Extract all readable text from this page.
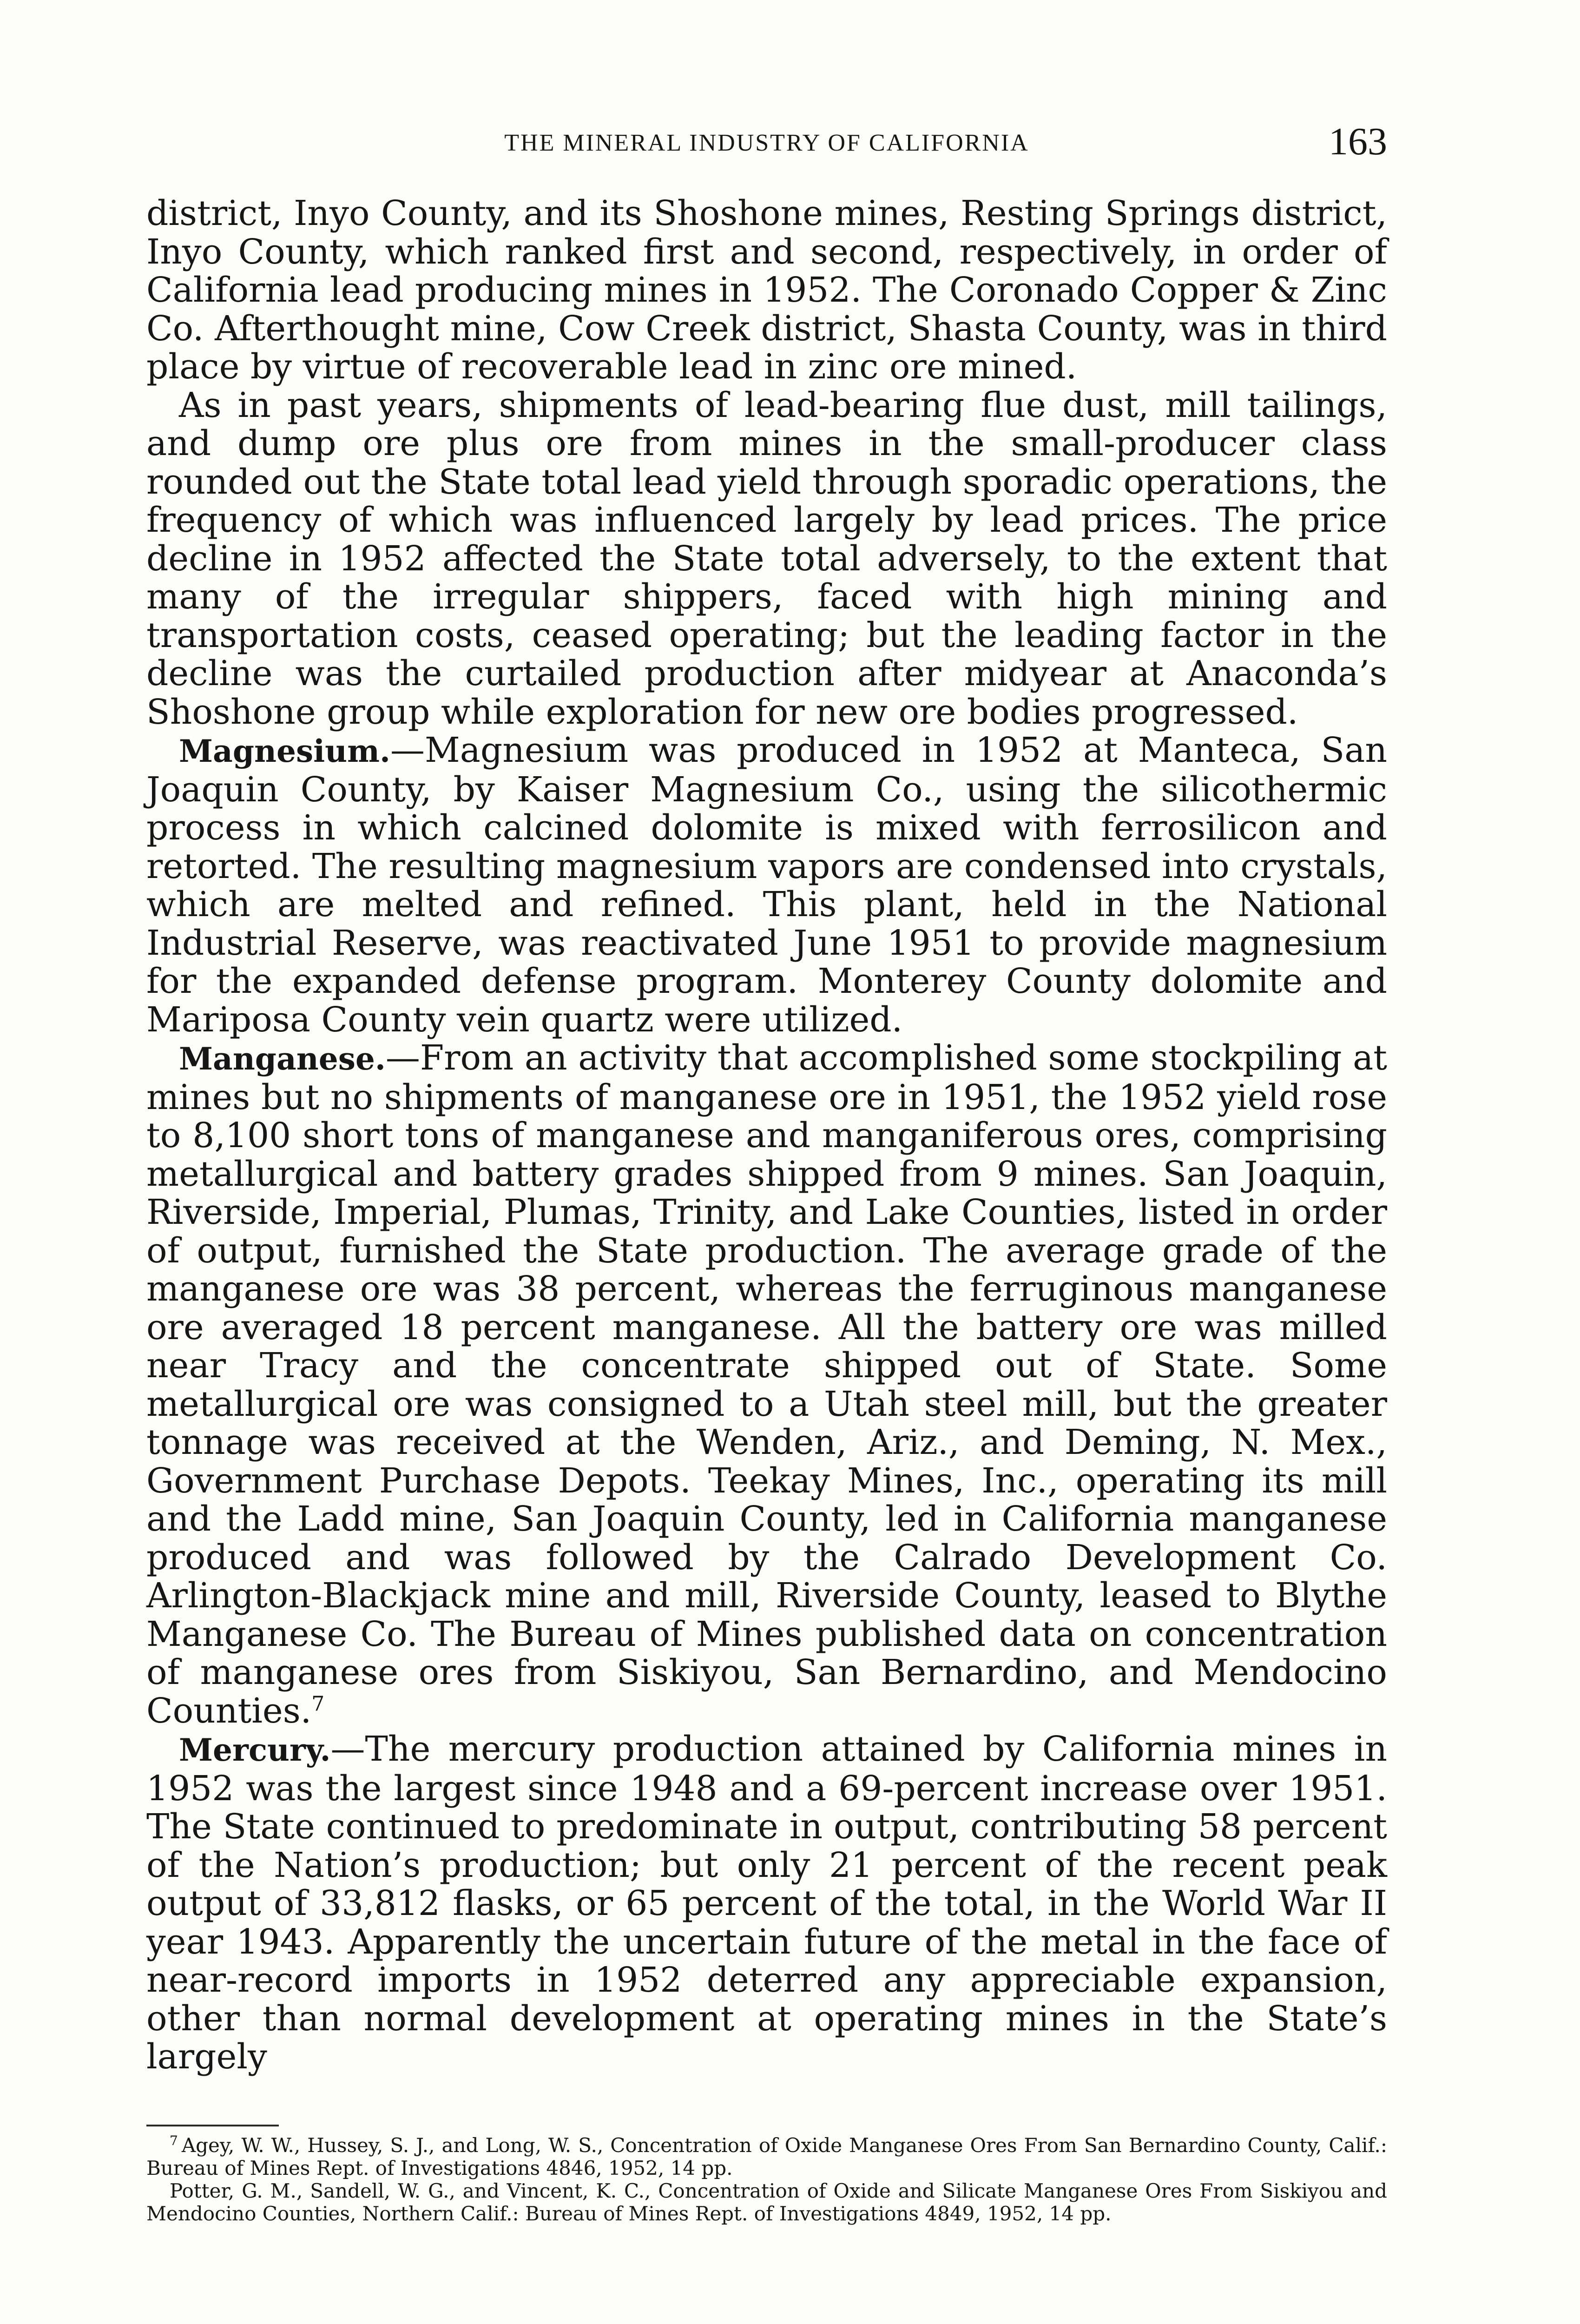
THE MINERAL INDUSTRY OF CALIFORNIA	163

district, Inyo County, and its Shoshone mines, Resting Springs district, Inyo County, which ranked first and second, respectively, in order of California lead producing mines in 1952. The Coronado Copper & Zinc Co. Afterthought mine, Cow Creek district, Shasta County, was in third place by virtue of recoverable lead in zinc ore mined.

As in past years, shipments of lead-bearing flue dust, mill tailings, and dump ore plus ore from mines in the small-producer class rounded out the State total lead yield through sporadic operations, the frequency of which was influenced largely by lead prices. The price decline in 1952 affected the State total adversely, to the extent that many of the irregular shippers, faced with high mining and transportation costs, ceased operating; but the leading factor in the decline was the curtailed production after midyear at Anaconda’s Shoshone group while exploration for new ore bodies progressed.

Magnesium.—Magnesium was produced in 1952 at Manteca, San Joaquin County, by Kaiser Magnesium Co., using the silicothermic process in which calcined dolomite is mixed with ferrosilicon and retorted. The resulting magnesium vapors are condensed into crystals, which are melted and refined. This plant, held in the National Industrial Reserve, was reactivated June 1951 to provide magnesium for the expanded defense program. Monterey County dolomite and Mariposa County vein quartz were utilized.

Manganese.—From an activity that accomplished some stockpiling at mines but no shipments of manganese ore in 1951, the 1952 yield rose to 8,100 short tons of manganese and manganiferous ores, comprising metallurgical and battery grades shipped from 9 mines. San Joaquin, Riverside, Imperial, Plumas, Trinity, and Lake Counties, listed in order of output, furnished the State production. The average grade of the manganese ore was 38 percent, whereas the ferruginous manganese ore averaged 18 percent manganese. All the battery ore was milled near Tracy and the concentrate shipped out of State. Some metallurgical ore was consigned to a Utah steel mill, but the greater tonnage was received at the Wenden, Ariz., and Deming, N. Mex., Government Purchase Depots. Teekay Mines, Inc., operating its mill and the Ladd mine, San Joaquin County, led in California manganese produced and was followed by the Calrado Development Co. Arlington-Blackjack mine and mill, Riverside County, leased to Blythe Manganese Co. The Bureau of Mines published data on concentration of manganese ores from Siskiyou, San Bernardino, and Mendocino Counties.$^7$

Mercury.—The mercury production attained by California mines in 1952 was the largest since 1948 and a 69-percent increase over 1951. The State continued to predominate in output, contributing 58 percent of the Nation’s production; but only 21 percent of the recent peak output of 33,812 flasks, or 65 percent of the total, in the World War II year 1943. Apparently the uncertain future of the metal in the face of near-record imports in 1952 deterred any appreciable expansion, other than normal development at operating mines in the State’s largely

$^7$ Agey, W. W., Hussey, S. J., and Long, W. S., Concentration of Oxide Manganese Ores From San Bernardino County, Calif.: Bureau of Mines Rept. of Investigations 4846, 1952, 14 pp.

Potter, G. M., Sandell, W. G., and Vincent, K. C., Concentration of Oxide and Silicate Manganese Ores From Siskiyou and Mendocino Counties, Northern Calif.: Bureau of Mines Rept. of Investigations 4849, 1952, 14 pp.
